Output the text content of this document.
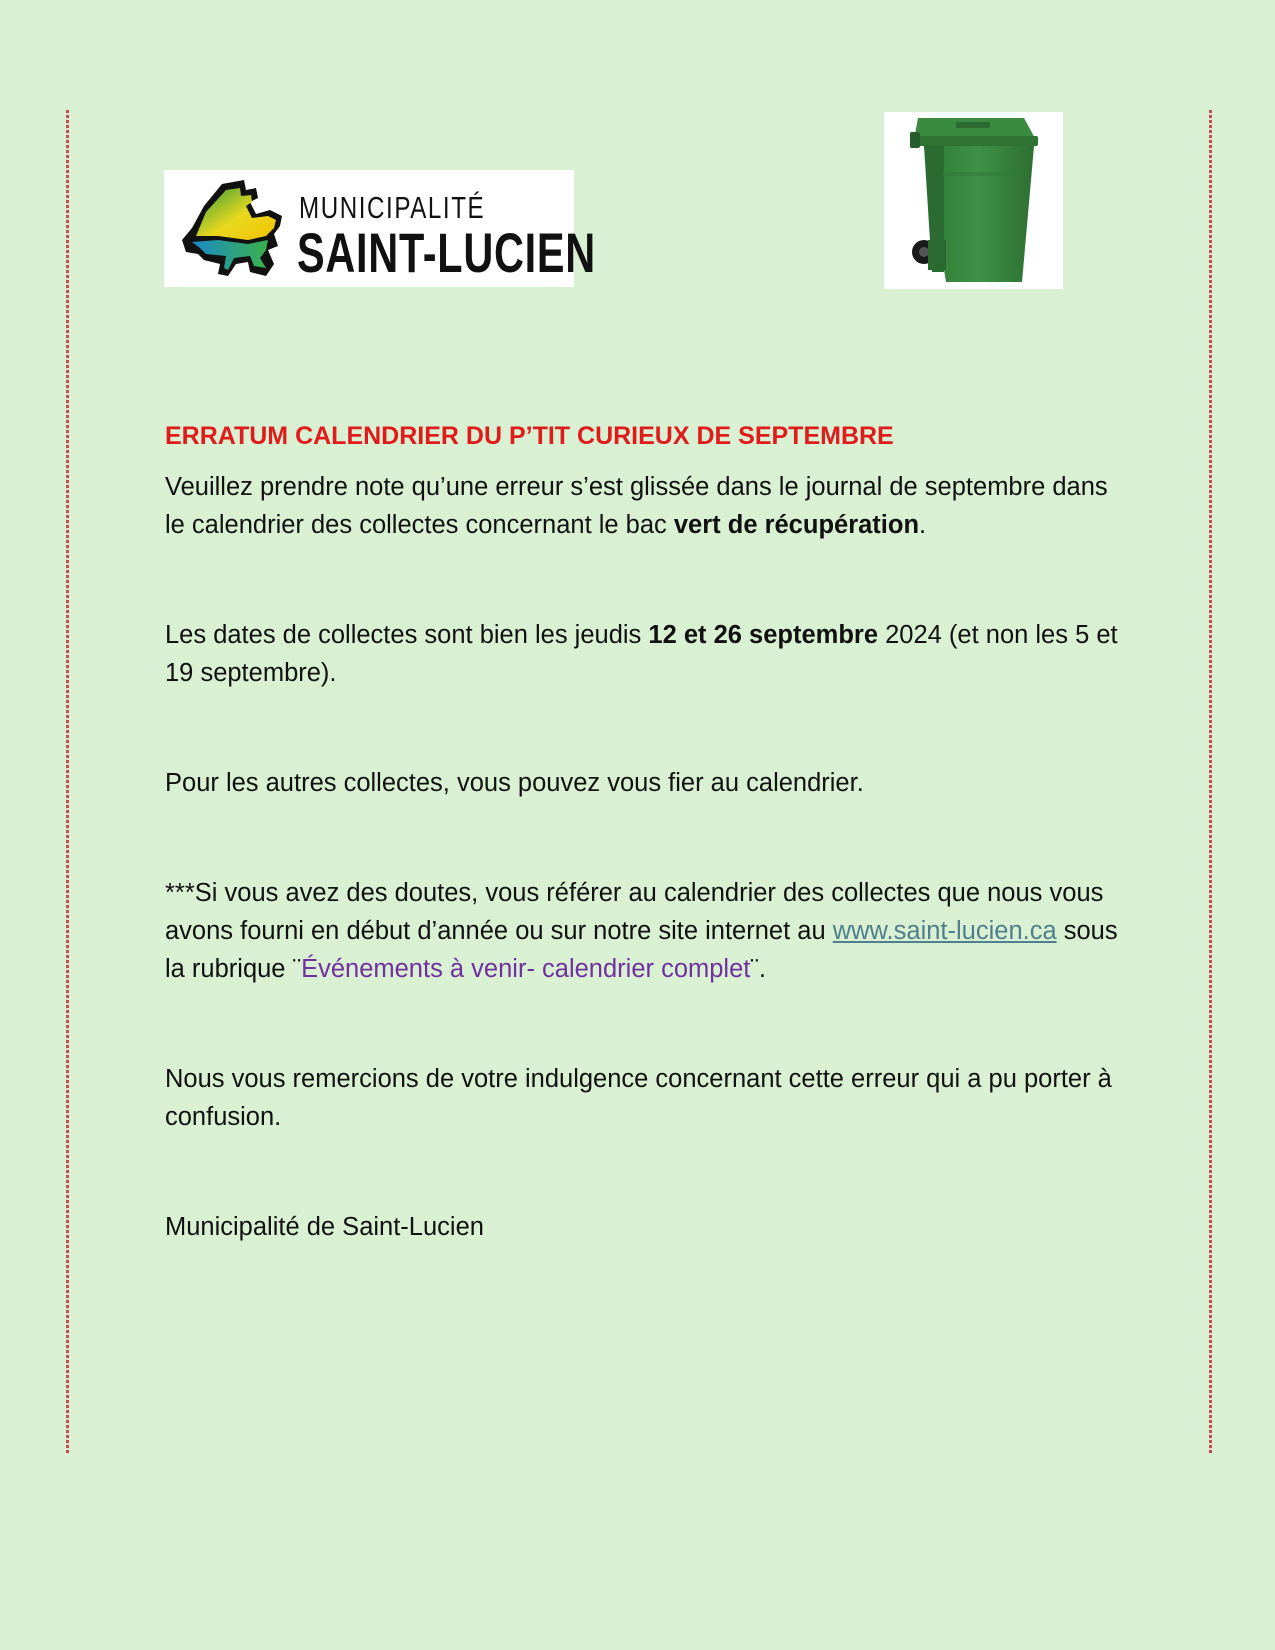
MUNICIPALITÉ
SAINT-LUCIEN

ERRATUM CALENDRIER DU P’TIT CURIEUX DE SEPTEMBRE

Veuillez prendre note qu’une erreur s’est glissée dans le journal de septembre dans le calendrier des collectes concernant le bac vert de récupération.

Les dates de collectes sont bien les jeudis 12 et 26 septembre 2024 (et non les 5 et 19 septembre).

Pour les autres collectes, vous pouvez vous fier au calendrier.

***Si vous avez des doutes, vous référer au calendrier des collectes que nous vous avons fourni en début d’année ou sur notre site internet au www.saint-lucien.ca sous la rubrique ¨Événements à venir- calendrier complet¨.

Nous vous remercions de votre indulgence concernant cette erreur qui a pu porter à confusion.

Municipalité de Saint-Lucien
